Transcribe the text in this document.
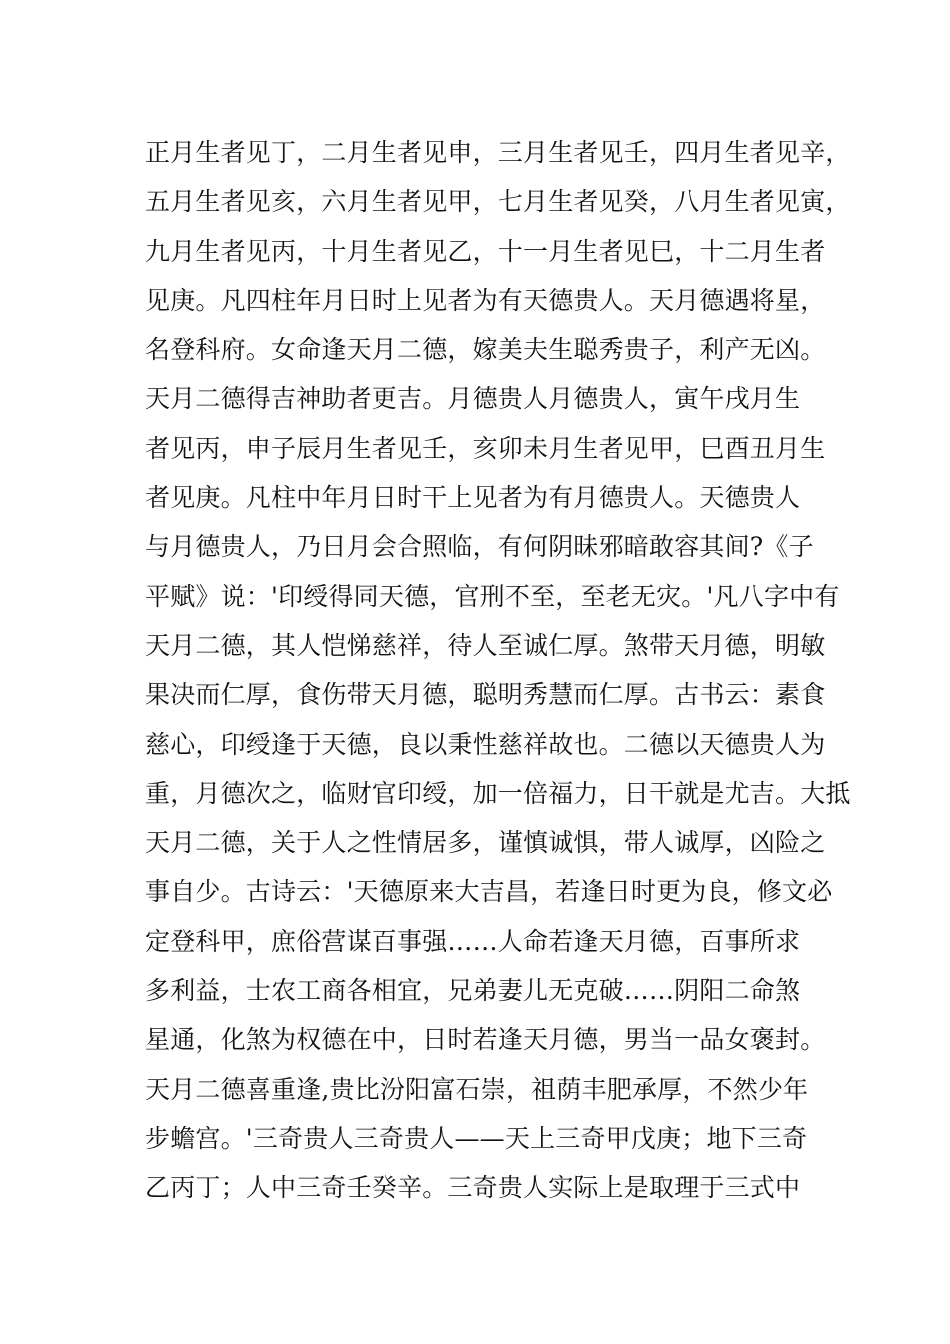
正月生者见丁，二月生者见申，三月生者见壬，四月生者见辛，
五月生者见亥，六月生者见甲，七月生者见癸，八月生者见寅，
九月生者见丙，十月生者见乙，十一月生者见巳，十二月生者
见庚。凡四柱年月日时上见者为有天德贵人。天月德遇将星，
名登科府。女命逢天月二德，嫁美夫生聪秀贵子，利产无凶。
天月二德得吉神助者更吉。月德贵人月德贵人，寅午戌月生
者见丙，申子辰月生者见壬，亥卯未月生者见甲，巳酉丑月生
者见庚。凡柱中年月日时干上见者为有月德贵人。天德贵人
与月德贵人，乃日月会合照临，有何阴昧邪暗敢容其间?《子
平赋》说：'印绶得同天德，官刑不至，至老无灾。'凡八字中有
天月二德，其人恺悌慈祥，待人至诚仁厚。煞带天月德，明敏
果决而仁厚，食伤带天月德，聪明秀慧而仁厚。古书云：素食
慈心，印绶逢于天德，良以秉性慈祥故也。二德以天德贵人为
重，月德次之，临财官印绶，加一倍福力，日干就是尤吉。大抵
天月二德，关于人之性情居多，谨慎诚惧，带人诚厚，凶险之
事自少。古诗云：'天德原来大吉昌，若逢日时更为良，修文必
定登科甲，庶俗营谋百事强……人命若逢天月德，百事所求
多利益，士农工商各相宜，兄弟妻儿无克破……阴阳二命煞
星通，化煞为权德在中，日时若逢天月德，男当一品女褒封。
天月二德喜重逢,贵比汾阳富石崇，祖荫丰肥承厚，不然少年
步蟾宫。'三奇贵人三奇贵人——天上三奇甲戊庚；地下三奇
乙丙丁；人中三奇壬癸辛。三奇贵人实际上是取理于三式中
